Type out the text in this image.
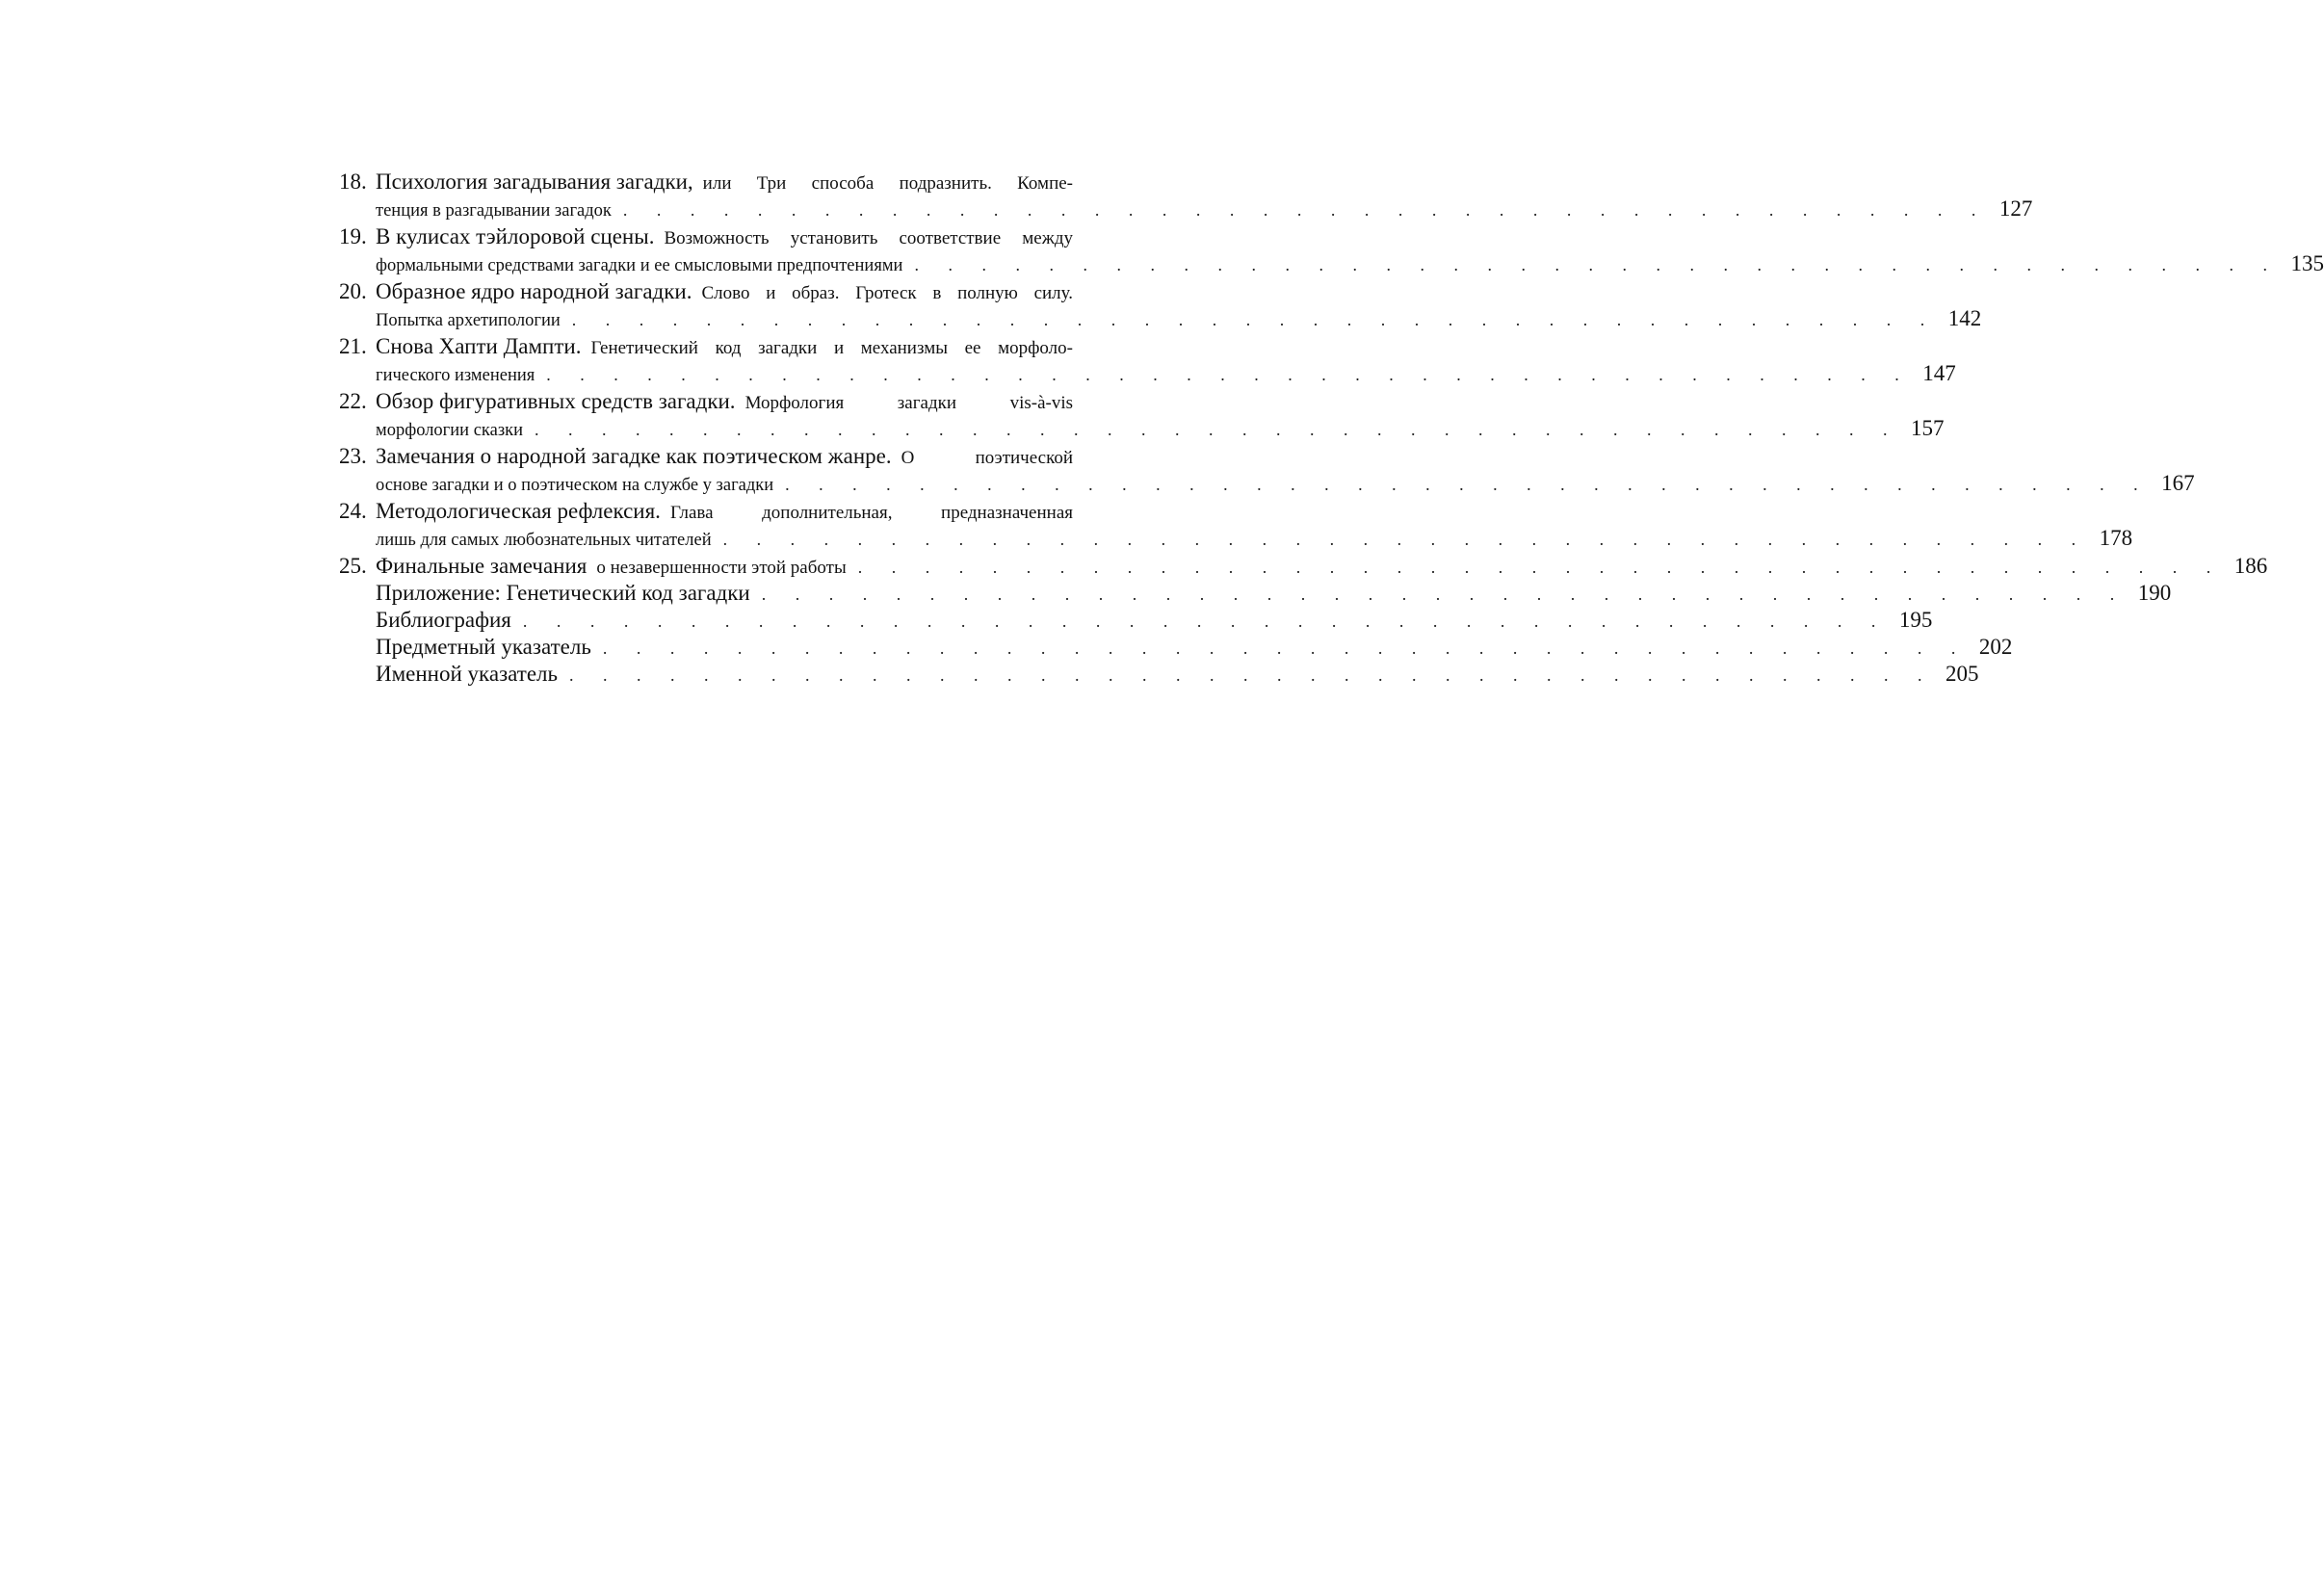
18. Психология загадывания загадки, или Три способа подразнить. Компе-
тенция в разгадывании загадок . . . . . . . . . . . . . . . . . . . . . . . . . . . . . . . . . . . . . . . . . 127
19. В кулисах тэйлоровой сцены. Возможность установить соответствие между
формальными средствами загадки и ее смысловыми предпочтениями . . . . . . . . . . . . . . . . . . . . . . . . . . . . . . . . . . . . . . . . . 135
20. Образное ядро народной загадки. Слово и образ. Гротеск в полную силу.
Попытка архетипологии . . . . . . . . . . . . . . . . . . . . . . . . . . . . . . . . . . . . . . . . . 142
21. Снова Хапти Дампти. Генетический код загадки и механизмы ее морфоло-
гического изменения . . . . . . . . . . . . . . . . . . . . . . . . . . . . . . . . . . . . . . . . . 147
22. Обзор фигуративных средств загадки. Морфология загадки vis-à-vis
морфологии сказки . . . . . . . . . . . . . . . . . . . . . . . . . . . . . . . . . . . . . . . . . 157
23. Замечания о народной загадке как поэтическом жанре. О поэтической
основе загадки и о поэтическом на службе у загадки . . . . . . . . . . . . . . . . . . . . . . . . . . . . . . . . . . . . . . . . . 167
24. Методологическая рефлексия. Глава дополнительная, предназначенная
лишь для самых любознательных читателей . . . . . . . . . . . . . . . . . . . . . . . . . . . . . . . . . . . . . . . . . 178
25. Финальные замечания о незавершенности этой работы . . . . . . . . . . . . . . . . . . . . . . . . . . . . . . . . . . . . . . . . . 186
Приложение: Генетический код загадки . . . . . . . . . . . . . . . . . . . . . . . . . . . . . . . . . . . . . . . . . 190
Библиография . . . . . . . . . . . . . . . . . . . . . . . . . . . . . . . . . . . . . . . . . 195
Предметный указатель . . . . . . . . . . . . . . . . . . . . . . . . . . . . . . . . . . . . . . . . . 202
Именной указатель . . . . . . . . . . . . . . . . . . . . . . . . . . . . . . . . . . . . . . . . . 205
